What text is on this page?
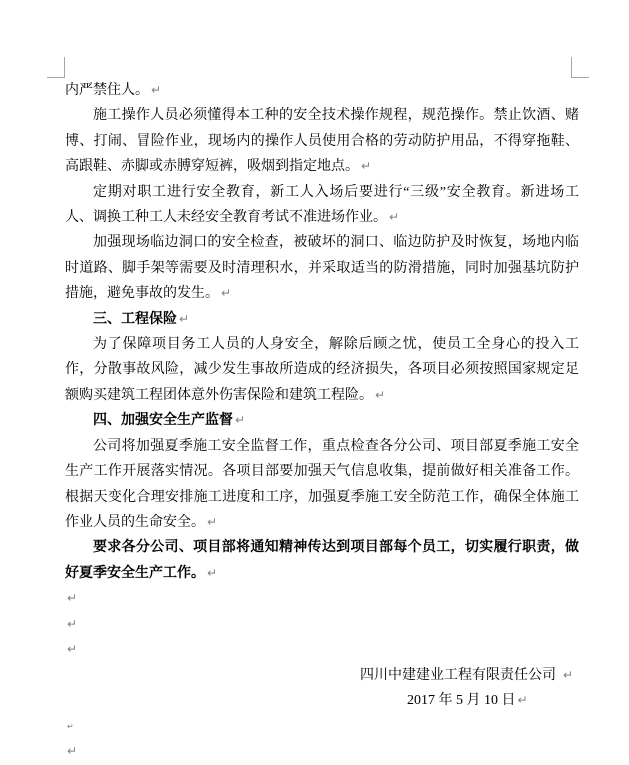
内严禁住人。 ↵

施工操作人员必须懂得本工种的安全技术操作规程，规范操作。禁止饮酒、赌博、打闹、冒险作业，现场内的操作人员使用合格的劳动防护用品，不得穿拖鞋、高跟鞋、赤脚或赤膊穿短裤，吸烟到指定地点。 ↵

定期对职工进行安全教育，新工人入场后要进行“三级”安全教育。新进场工人、调换工种工人未经安全教育考试不准进场作业。 ↵

加强现场临边洞口的安全检查，被破坏的洞口、临边防护及时恢复，场地内临时道路、脚手架等需要及时清理积水，并采取适当的防滑措施，同时加强基坑防护措施，避免事故的发生。 ↵

三、工程保险 ↵

为了保障项目务工人员的人身安全，解除后顾之忧，使员工全身心的投入工作，分散事故风险，减少发生事故所造成的经济损失，各项目必须按照国家规定足额购买建筑工程团体意外伤害保险和建筑工程险。 ↵

四、加强安全生产监督 ↵

公司将加强夏季施工安全监督工作，重点检查各分公司、项目部夏季施工安全生产工作开展落实情况。各项目部要加强天气信息收集，提前做好相关准备工作。根据天变化合理安排施工进度和工序，加强夏季施工安全防范工作，确保全体施工作业人员的生命安全。 ↵

要求各分公司、项目部将通知精神传达到项目部每个员工，切实履行职责，做好夏季安全生产工作。 ↵

↵

↵

↵

四川中建建业工程有限责任公司 ↵

2017 年 5 月 10 日 ↵

↵

↵
